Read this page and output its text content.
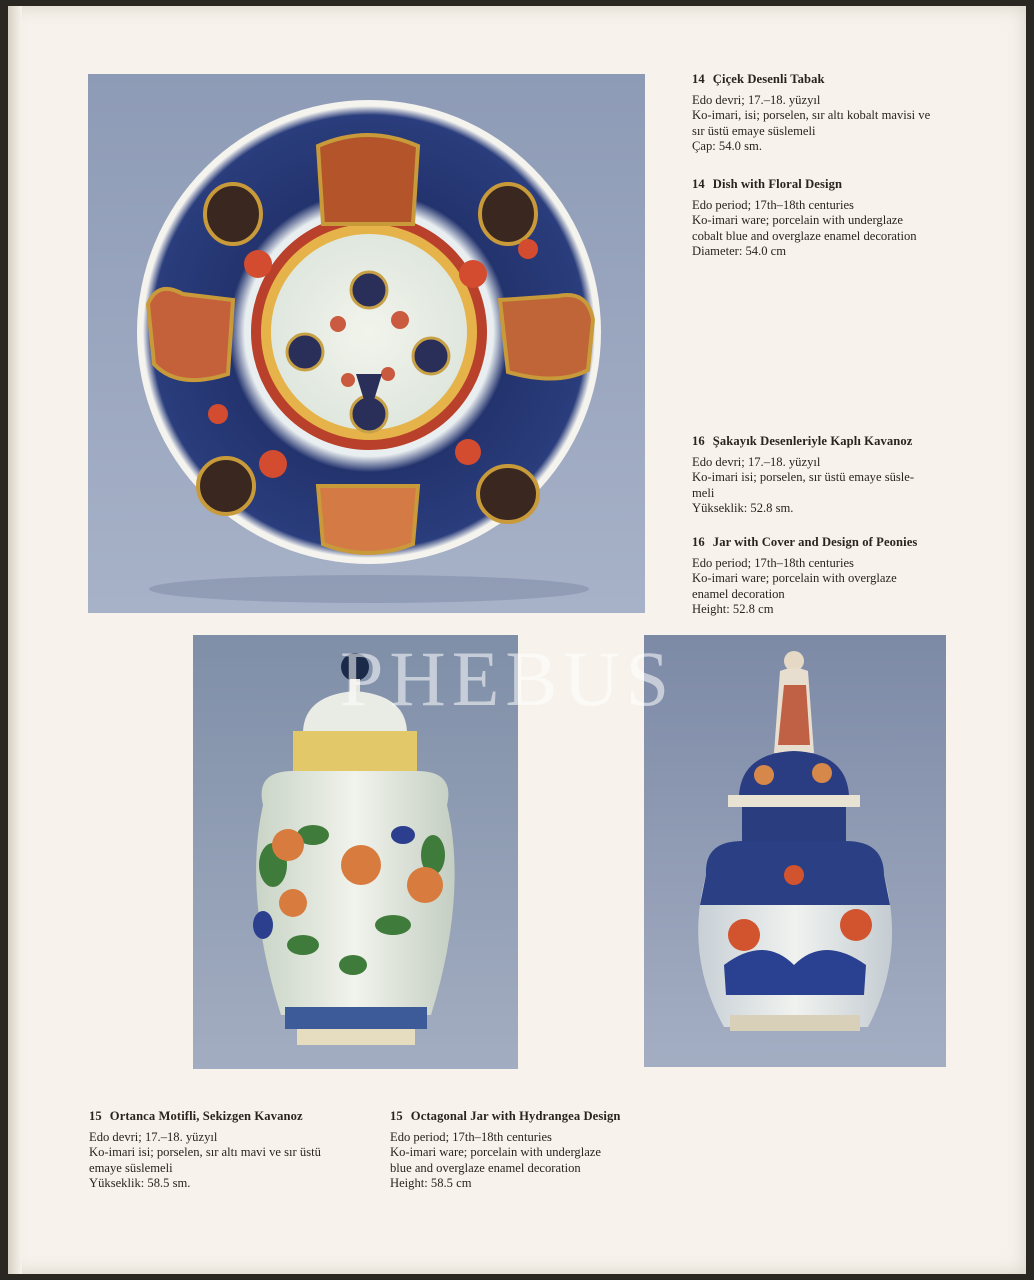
PHEBUS
14 Çiçek Desenli Tabak
Edo devri; 17.–18. yüzyıl
Ko-imari, isi; porselen, sır altı kobalt mavisi ve
sır üstü emaye süslemeli
Çap: 54.0 sm.
14 Dish with Floral Design
Edo period; 17th–18th centuries
Ko-imari ware; porcelain with underglaze
cobalt blue and overglaze enamel decoration
Diameter: 54.0 cm
16 Şakayık Desenleriyle Kaplı Kavanoz
Edo devri; 17.–18. yüzyıl
Ko-imari isi; porselen, sır üstü emaye süsle-
meli
Yükseklik: 52.8 sm.
16 Jar with Cover and Design of Peonies
Edo period; 17th–18th centuries
Ko-imari ware; porcelain with overglaze
enamel decoration
Height: 52.8 cm
15 Ortanca Motifli, Sekizgen Kavanoz
Edo devri; 17.–18. yüzyıl
Ko-imari isi; porselen, sır altı mavi ve sır üstü
emaye süslemeli
Yükseklik: 58.5 sm.
15 Octagonal Jar with Hydrangea Design
Edo period; 17th–18th centuries
Ko-imari ware; porcelain with underglaze
blue and overglaze enamel decoration
Height: 58.5 cm
